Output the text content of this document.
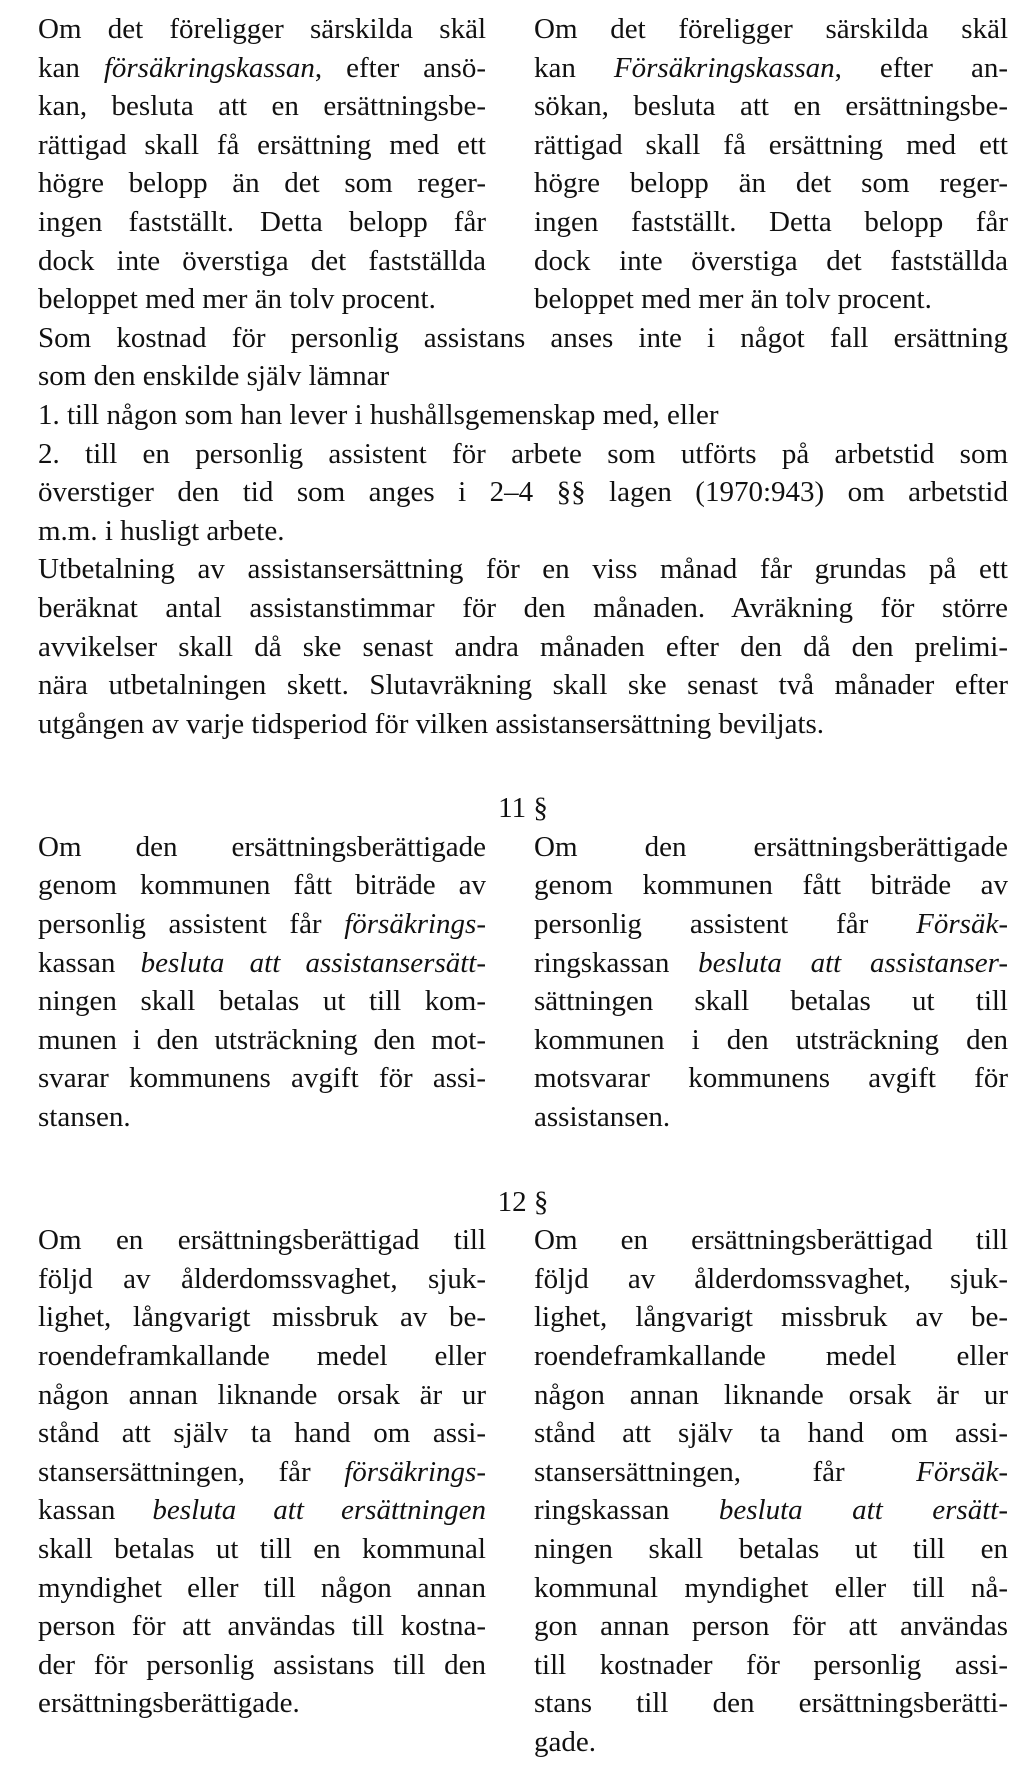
Om det föreligger särskilda skäl
kan försäkringskassan, efter ansö-
kan, besluta att en ersättningsbe-
rättigad skall få ersättning med ett
högre belopp än det som reger-
ingen fastställt. Detta belopp får
dock inte överstiga det fastställda
beloppet med mer än tolv procent.
Om det föreligger särskilda skäl
kan Försäkringskassan, efter an-
sökan, besluta att en ersättningsbe-
rättigad skall få ersättning med ett
högre belopp än det som reger-
ingen fastställt. Detta belopp får
dock inte överstiga det fastställda
beloppet med mer än tolv procent.
Som kostnad för personlig assistans anses inte i något fall ersättning
som den enskilde själv lämnar
1. till någon som han lever i hushållsgemenskap med, eller
2. till en personlig assistent för arbete som utförts på arbetstid som
överstiger den tid som anges i 2–4 §§ lagen (1970:943) om arbetstid
m.m. i husligt arbete.
Utbetalning av assistansersättning för en viss månad får grundas på ett
beräknat antal assistanstimmar för den månaden. Avräkning för större
avvikelser skall då ske senast andra månaden efter den då den prelimi-
nära utbetalningen skett. Slutavräkning skall ske senast två månader efter
utgången av varje tidsperiod för vilken assistansersättning beviljats.
11 §
Om den ersättningsberättigade
genom kommunen fått biträde av
personlig assistent får försäkrings-
kassan besluta att assistansersätt-
ningen skall betalas ut till kom-
munen i den utsträckning den mot-
svarar kommunens avgift för assi-
stansen.
Om den ersättningsberättigade
genom kommunen fått biträde av
personlig assistent får Försäk-
ringskassan besluta att assistanser-
sättningen skall betalas ut till
kommunen i den utsträckning den
motsvarar kommunens avgift för
assistansen.
12 §
Om en ersättningsberättigad till
följd av ålderdomssvaghet, sjuk-
lighet, långvarigt missbruk av be-
roendeframkallande medel eller
någon annan liknande orsak är ur
stånd att själv ta hand om assi-
stansersättningen, får försäkrings-
kassan besluta att ersättningen
skall betalas ut till en kommunal
myndighet eller till någon annan
person för att användas till kostna-
der för personlig assistans till den
ersättningsberättigade.
Om en ersättningsberättigad till
följd av ålderdomssvaghet, sjuk-
lighet, långvarigt missbruk av be-
roendeframkallande medel eller
någon annan liknande orsak är ur
stånd att själv ta hand om assi-
stansersättningen, får Försäk-
ringskassan besluta att ersätt-
ningen skall betalas ut till en
kommunal myndighet eller till nå-
gon annan person för att användas
till kostnader för personlig assi-
stans till den ersättningsberätti-
gade.
